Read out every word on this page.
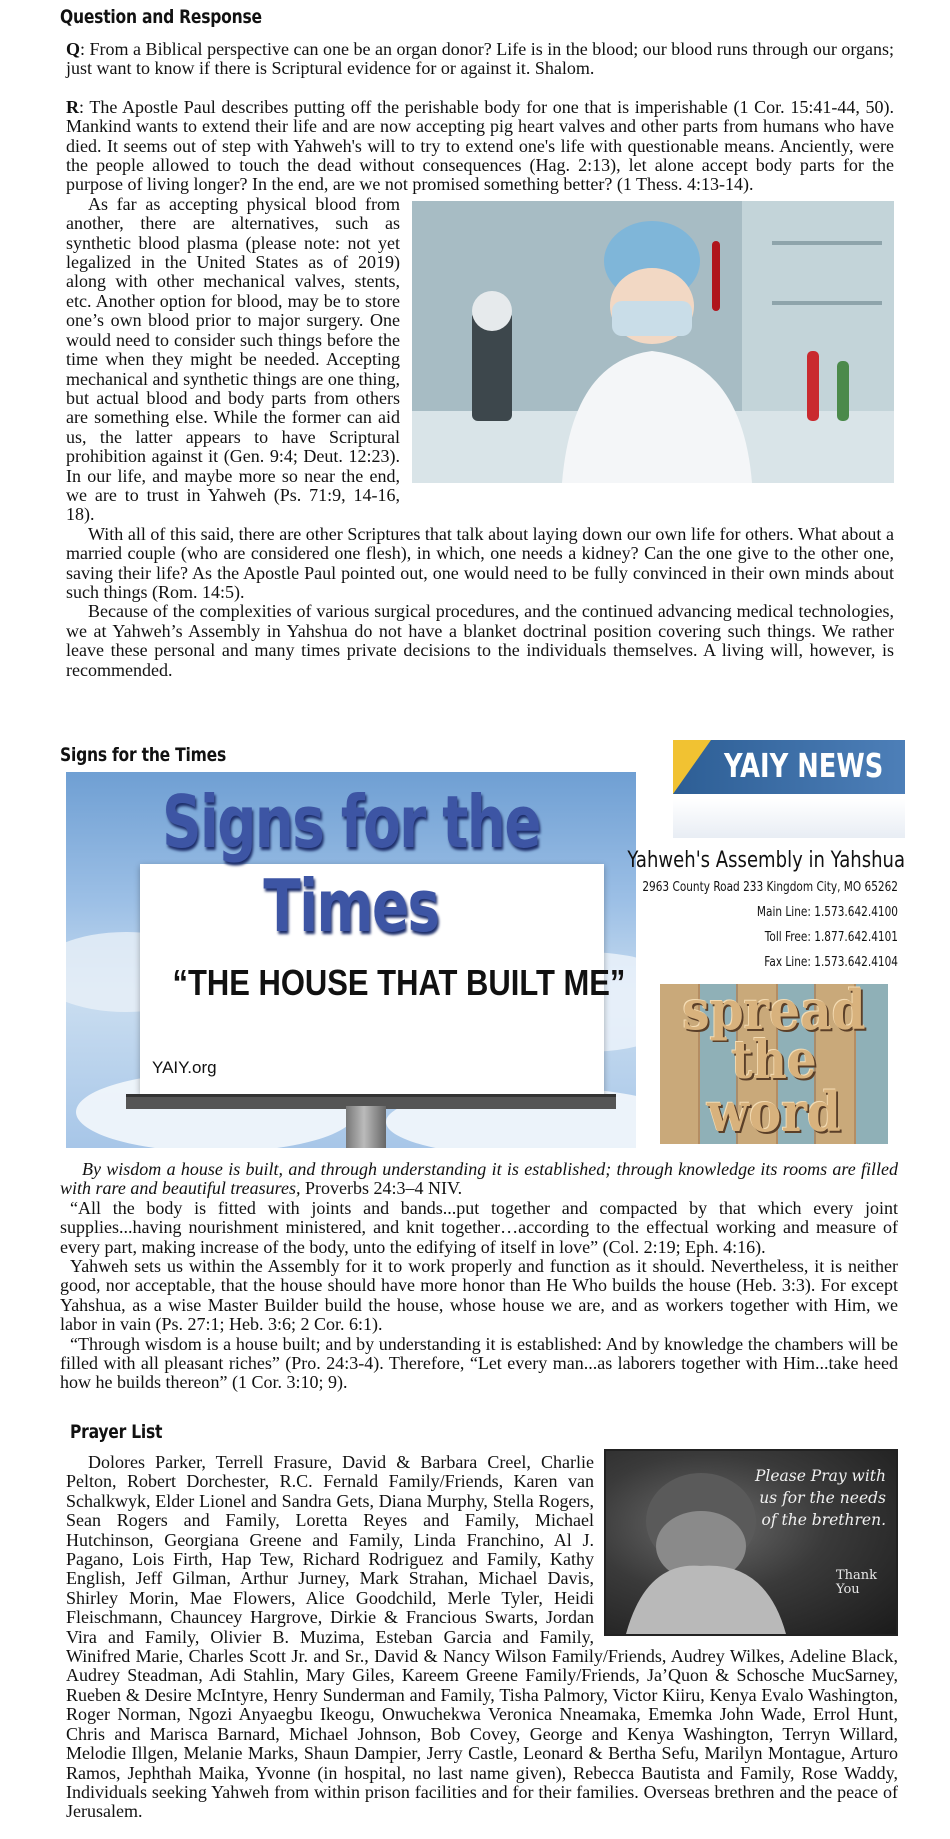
Question and Response

Q: From a Biblical perspective can one be an organ donor? Life is in the blood; our blood runs through our organs; just want to know if there is Scriptural evidence for or against it. Shalom.

R: The Apostle Paul describes putting off the perishable body for one that is imperishable (1 Cor. 15:41-44, 50). Mankind wants to extend their life and are now accepting pig heart valves and other parts from humans who have died. It seems out of step with Yahweh's will to try to extend one's life with questionable means. Anciently, were the people allowed to touch the dead without consequences (Hag. 2:13), let alone accept body parts for the purpose of living longer? In the end, are we not promised something better? (1 Thess. 4:13-14).

As far as accepting physical blood from another, there are alternatives, such as synthetic blood plasma (please note: not yet legalized in the United States as of 2019) along with other mechanical valves, stents, etc. Another option for blood, may be to store one’s own blood prior to major surgery. One would need to consider such things before the time when they might be needed. Accepting mechanical and synthetic things are one thing, but actual blood and body parts from others are something else. While the former can aid us, the latter appears to have Scriptural prohibition against it (Gen. 9:4; Deut. 12:23). In our life, and maybe more so near the end, we are to trust in Yahweh (Ps. 71:9, 14-16, 18).

With all of this said, there are other Scriptures that talk about laying down our own life for others. What about a married couple (who are considered one flesh), in which, one needs a kidney? Can the one give to the other one, saving their life? As the Apostle Paul pointed out, one would need to be fully convinced in their own minds about such things (Rom. 14:5).

Because of the complexities of various surgical procedures, and the continued advancing medical technologies, we at Yahweh’s Assembly in Yahshua do not have a blanket doctrinal position covering such things. We rather leave these personal and many times private decisions to the individuals themselves. A living will, however, is recommended.

Signs for the Times

“THE HOUSE THAT BUILT ME”

YAIY.org

Signs for the Times

YAIY NEWS

Yahweh's Assembly in Yahshua

2963 County Road 233 Kingdom City, MO 65262

Main Line: 1.573.642.4100

Toll Free: 1.877.642.4101

Fax Line: 1.573.642.4104

spread

the

word

By wisdom a house is built, and through understanding it is established; through knowledge its rooms are filled with rare and beautiful treasures, Proverbs 24:3–4 NIV.

“All the body is fitted with joints and bands...put together and compacted by that which every joint supplies...having nourishment ministered, and knit together…according to the effectual working and measure of every part, making increase of the body, unto the edifying of itself in love” (Col. 2:19; Eph. 4:16).

Yahweh sets us within the Assembly for it to work properly and function as it should. Nevertheless, it is neither good, nor acceptable, that the house should have more honor than He Who builds the house (Heb. 3:3). For except Yahshua, as a wise Master Builder build the house, whose house we are, and as workers together with Him, we labor in vain (Ps. 27:1; Heb. 3:6; 2 Cor. 6:1).

“Through wisdom is a house built; and by understanding it is established: And by knowledge the chambers will be filled with all pleasant riches” (Pro. 24:3-4). Therefore, “Let every man...as laborers together with Him...take heed how he builds thereon” (1 Cor. 3:10; 9).

Prayer List

Please Pray with us for the needs of the brethren.

Thank You

Dolores Parker, Terrell Frasure, David & Barbara Creel, Charlie Pelton, Robert Dorchester, R.C. Fernald Family/Friends, Karen van Schalkwyk, Elder Lionel and Sandra Gets, Diana Murphy, Stella Rogers, Sean Rogers and Family, Loretta Reyes and Family, Michael Hutchinson, Georgiana Greene and Family, Linda Franchino, Al J. Pagano, Lois Firth, Hap Tew, Richard Rodriguez and Family, Kathy English, Jeff Gilman, Arthur Jurney, Mark Strahan, Michael Davis, Shirley Morin, Mae Flowers, Alice Goodchild, Merle Tyler, Heidi Fleischmann, Chauncey Hargrove, Dirkie & Francious Swarts, Jordan Vira and Family, Olivier B. Muzima, Esteban Garcia and Family, Winifred Marie, Charles Scott Jr. and Sr., David & Nancy Wilson Family/Friends, Audrey Wilkes, Adeline Black, Audrey Steadman, Adi Stahlin, Mary Giles, Kareem Greene Family/Friends, Ja’Quon & Schosche MucSarney, Rueben & Desire McIntyre, Henry Sunderman and Family, Tisha Palmory, Victor Kiiru, Kenya Evalo Washington, Roger Norman, Ngozi Anyaegbu Ikeogu, Onwuchekwa Veronica Nneamaka, Ememka John Wade, Errol Hunt, Chris and Marisca Barnard, Michael Johnson, Bob Covey, George and Kenya Washington, Terryn Willard, Melodie Illgen, Melanie Marks, Shaun Dampier, Jerry Castle, Leonard & Bertha Sefu, Marilyn Montague, Arturo Ramos, Jephthah Maika, Yvonne (in hospital, no last name given), Rebecca Bautista and Family, Rose Waddy, Individuals seeking Yahweh from within prison facilities and for their families. Overseas brethren and the peace of Jerusalem.
